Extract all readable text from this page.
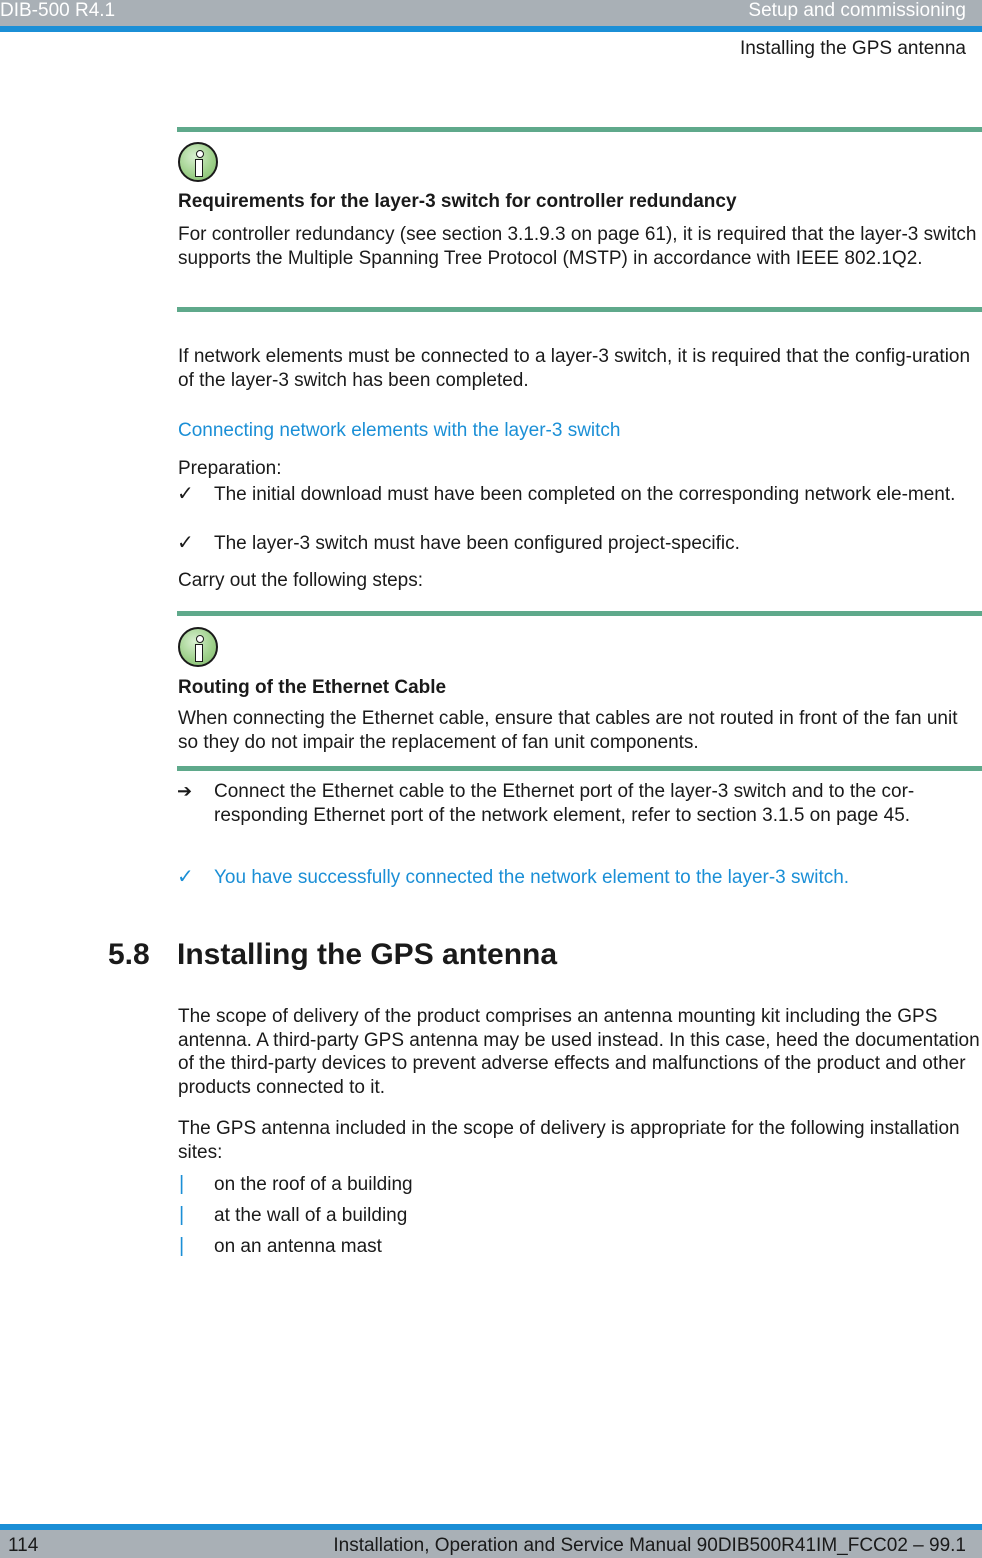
DIB-500 R4.1	Setup and commissioning
Installing the GPS antenna
Requirements for the layer-3 switch for controller redundancy
For controller redundancy (see section 3.1.9.3 on page 61), it is required that the layer-3 switch supports the Multiple Spanning Tree Protocol (MSTP) in accordance with IEEE 802.1Q2.
If network elements must be connected to a layer-3 switch, it is required that the config-uration of the layer-3 switch has been completed.
Connecting network elements with the layer-3 switch
Preparation:
✓ The initial download must have been completed on the corresponding network ele-ment.
✓ The layer-3 switch must have been configured project-specific.
Carry out the following steps:
Routing of the Ethernet Cable
When connecting the Ethernet cable, ensure that cables are not routed in front of the fan unit so they do not impair the replacement of fan unit components.
➔ Connect the Ethernet cable to the Ethernet port of the layer-3 switch and to the cor-responding Ethernet port of the network element, refer to section 3.1.5 on page 45.
✓ You have successfully connected the network element to the layer-3 switch.
5.8 Installing the GPS antenna
The scope of delivery of the product comprises an antenna mounting kit including the GPS antenna. A third-party GPS antenna may be used instead. In this case, heed the documentation of the third-party devices to prevent adverse effects and malfunctions of the product and other products connected to it.
The GPS antenna included in the scope of delivery is appropriate for the following installation sites:
| on the roof of a building
| at the wall of a building
| on an antenna mast
114	Installation, Operation and Service Manual 90DIB500R41IM_FCC02 – 99.1
